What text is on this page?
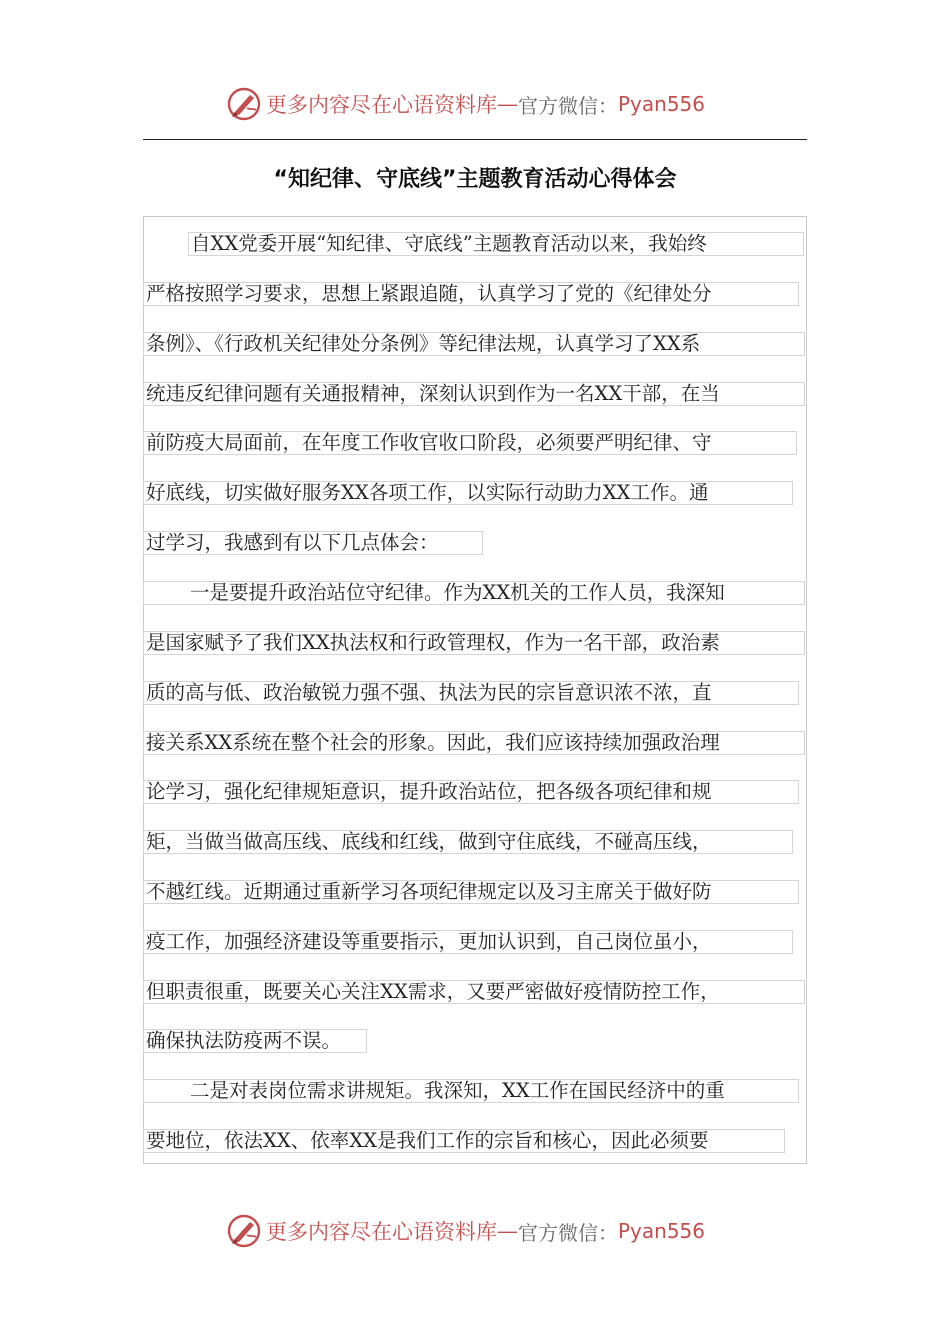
更多内容尽在心语资料库 — 官方微信： Pyan556
“知纪律、守底线”主题教育活动心得体会
自XX党委开展“知纪律、守底线”主题教育活动以来，我始终
严格按照学习要求，思想上紧跟追随，认真学习了党的《纪律处分
条例》、《行政机关纪律处分条例》等纪律法规，认真学习了XX系
统违反纪律问题有关通报精神，深刻认识到作为一名XX干部，在当
前防疫大局面前，在年度工作收官收口阶段，必须要严明纪律、守
好底线，切实做好服务XX各项工作，以实际行动助力XX工作。通
过学习，我感到有以下几点体会：
一是要提升政治站位守纪律。作为XX机关的工作人员，我深知
是国家赋予了我们XX执法权和行政管理权，作为一名干部，政治素
质的高与低、政治敏锐力强不强、执法为民的宗旨意识浓不浓，直
接关系XX系统在整个社会的形象。因此，我们应该持续加强政治理
论学习，强化纪律规矩意识，提升政治站位，把各级各项纪律和规
矩，当做当做高压线、底线和红线，做到守住底线，不碰高压线，
不越红线。近期通过重新学习各项纪律规定以及习主席关于做好防
疫工作，加强经济建设等重要指示，更加认识到，自己岗位虽小，
但职责很重，既要关心关注XX需求，又要严密做好疫情防控工作，
确保执法防疫两不误。
二是对表岗位需求讲规矩。我深知，XX工作在国民经济中的重
要地位，依法XX、依率XX是我们工作的宗旨和核心，因此必须要
更多内容尽在心语资料库 — 官方微信： Pyan556
